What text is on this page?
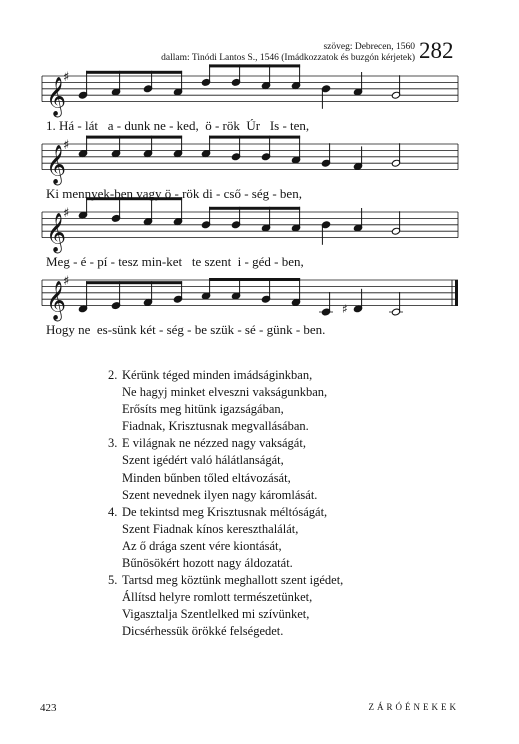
szöveg: Debrecen, 1560
dallam: Tinódi Lantos S., 1546 (Imádkozzatok és buzgón kérjetek) 282
𝄞
♯
𝄞
♯
𝄞
♯
𝄞
♯
♯
1. Há - lát   a - dunk ne - ked,  ö - rök  Úr   Is - ten,
Ki mennyek-ben vagy ö - rök di - cső - ség - ben,
Meg - é - pí - tesz min-ket   te szent  i - géd - ben,
Hogy ne  es-sünk két - ség - be szük - sé - günk - ben.
2. Kérünk téged minden imádságinkban,
Ne hagyj minket elveszni vakságunkban,
Erősíts meg hitünk igazságában,
Fiadnak, Krisztusnak megvallásában.
3. E világnak ne nézzed nagy vakságát,
Szent igédért való hálátlanságát,
Minden bűnben tőled eltávozását,
Szent nevednek ilyen nagy káromlását.
4. De tekintsd meg Krisztusnak méltóságát,
Szent Fiadnak kínos kereszthalálát,
Az ő drága szent vére kiontását,
Bűnösökért hozott nagy áldozatát.
5. Tartsd meg köztünk meghallott szent igédet,
Állítsd helyre romlott természetünket,
Vigasztalja Szentlelked mi szívünket,
Dicsérhessük örökké felségedet.
423	ZÁRÓÉNEKEK
